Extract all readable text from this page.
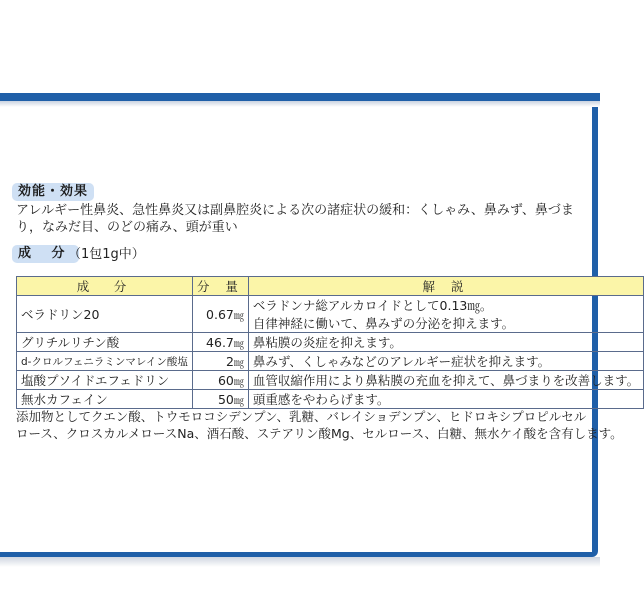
効能・効果
アレルギー性鼻炎、急性鼻炎又は副鼻腔炎による次の諸症状の緩和：くしゃみ、鼻みず、鼻づま
り，なみだ目、のどの痛み、頭が重い
成 分
（1包1g中）
成　分	分 量	解 説
ベラドリン20	0.67㎎	ベラドンナ総アルカロイドとして0.13㎎。
自律神経に働いて、鼻みずの分泌を抑えます。

グリチルリチン酸	46.7㎎	鼻粘膜の炎症を抑えます。
d-クロルフェニラミンマレイン酸塩	2㎎	鼻みず、くしゃみなどのアレルギー症状を抑えます。
塩酸プソイドエフェドリン	60㎎	血管収縮作用により鼻粘膜の充血を抑えて、鼻づまりを改善します。
無水カフェイン	50㎎	頭重感をやわらげます。
添加物としてクエン酸、トウモロコシデンプン、乳糖、バレイショデンプン、ヒドロキシプロピルセル
ロース、クロスカルメロースNa、酒石酸、ステアリン酸Mg、セルロース、白糖、無水ケイ酸を含有します。
